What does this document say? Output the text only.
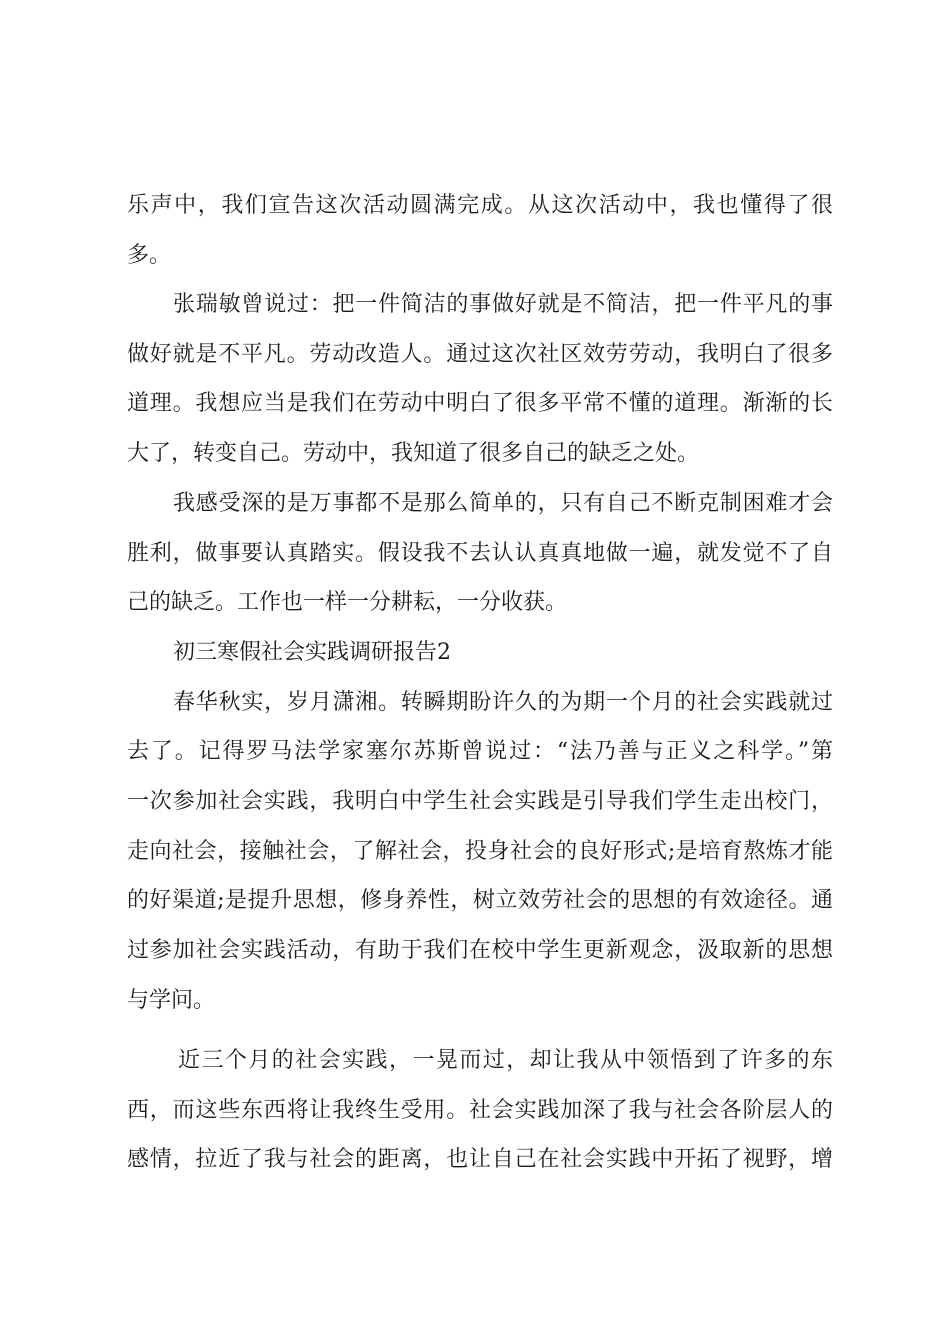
乐声中，我们宣告这次活动圆满完成。从这次活动中，我也懂得了很
多。
张瑞敏曾说过：把一件简洁的事做好就是不简洁，把一件平凡的事
做好就是不平凡。劳动改造人。通过这次社区效劳劳动，我明白了很多
道理。我想应当是我们在劳动中明白了很多平常不懂的道理。渐渐的长
大了，转变自己。劳动中，我知道了很多自己的缺乏之处。
我感受深的是万事都不是那么简单的，只有自己不断克制困难才会
胜利，做事要认真踏实。假设我不去认认真真地做一遍，就发觉不了自
己的缺乏。工作也一样一分耕耘，一分收获。
初三寒假社会实践调研报告2
春华秋实，岁月潇湘。转瞬期盼许久的为期一个月的社会实践就过
去了。记得罗马法学家塞尔苏斯曾说过：“法乃善与正义之科学。”第
一次参加社会实践，我明白中学生社会实践是引导我们学生走出校门，
走向社会，接触社会，了解社会，投身社会的良好形式;是培育熬炼才能
的好渠道;是提升思想，修身养性，树立效劳社会的思想的有效途径。通
过参加社会实践活动，有助于我们在校中学生更新观念，汲取新的思想
与学问。
近三个月的社会实践，一晃而过，却让我从中领悟到了许多的东
西，而这些东西将让我终生受用。社会实践加深了我与社会各阶层人的
感情，拉近了我与社会的距离，也让自己在社会实践中开拓了视野，增
